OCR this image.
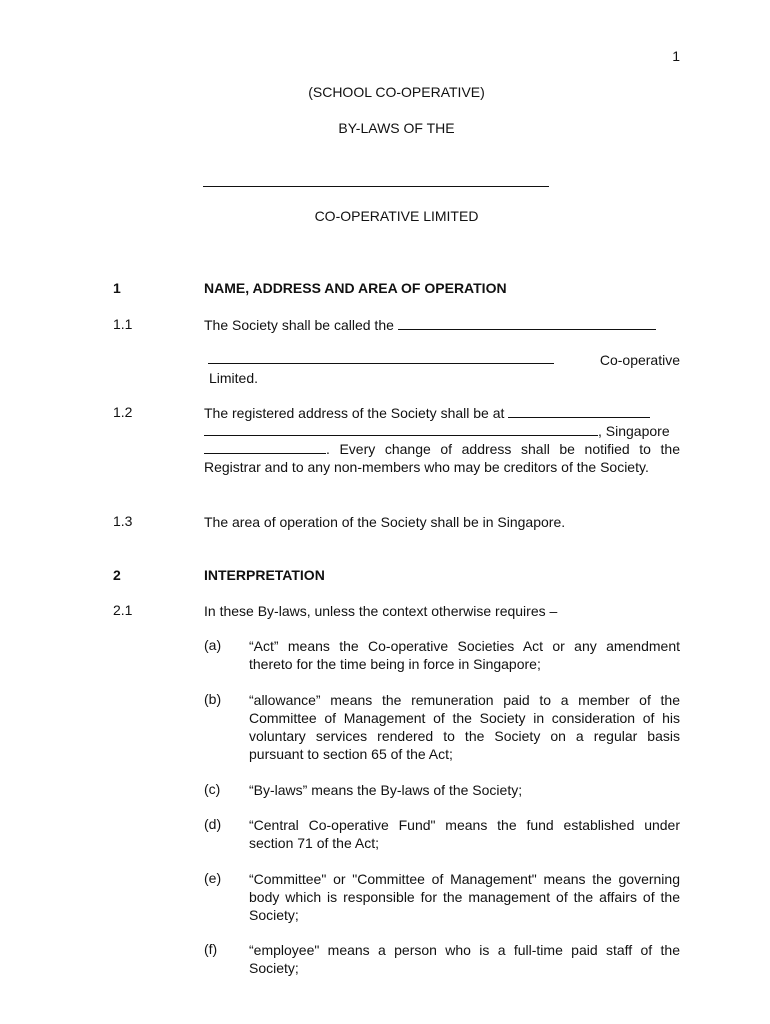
1
(SCHOOL CO-OPERATIVE)
BY-LAWS OF THE
CO-OPERATIVE LIMITED
1	NAME, ADDRESS AND AREA OF OPERATION
1.1	The Society shall be called the
Co-operative
Limited.
1.2	The registered address of the Society shall be at
, Singapore
. Every change of address shall be notified to the Registrar and to any non-members who may be creditors of the Society.
1.3	The area of operation of the Society shall be in Singapore.
2	INTERPRETATION
2.1	In these By-laws, unless the context otherwise requires –
(a) “Act” means the Co-operative Societies Act or any amendment thereto for the time being in force in Singapore;
(b) “allowance” means the remuneration paid to a member of the Committee of Management of the Society in consideration of his voluntary services rendered to the Society on a regular basis pursuant to section 65 of the Act;
(c) “By-laws” means the By-laws of the Society;
(d) “Central Co-operative Fund" means the fund established under section 71 of the Act;
(e) “Committee" or "Committee of Management" means the governing body which is responsible for the management of the affairs of the Society;
(f) “employee" means a person who is a full-time paid staff of the Society;
